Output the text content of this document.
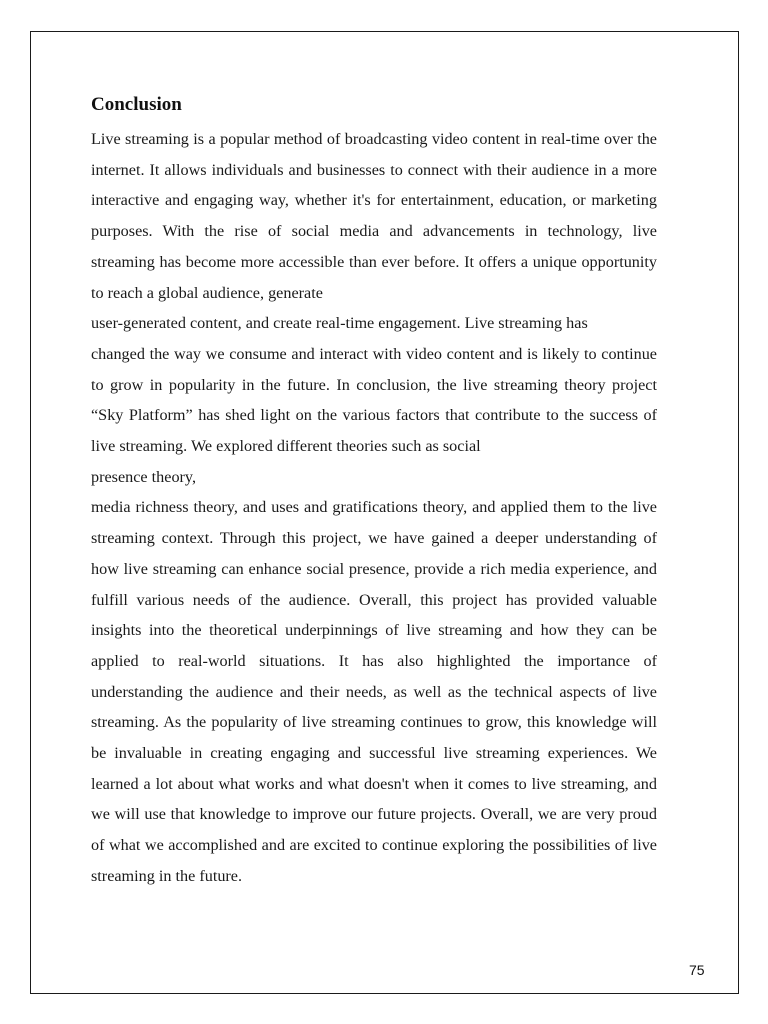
Conclusion

Live streaming is a popular method of broadcasting video content in real-time over the internet. It allows individuals and businesses to connect with their audience in a more interactive and engaging way, whether it's for entertainment, education, or marketing purposes. With the rise of social media and advancements in technology, live streaming has become more accessible than ever before. It offers a unique opportunity to reach a global audience, generate

user-generated content, and create real-time engagement. Live streaming has

changed the way we consume and interact with video content and is likely to continue to grow in popularity in the future. In conclusion, the live streaming theory project “Sky Platform” has shed light on the various factors that contribute to the success of live streaming. We explored different theories such as social

presence theory,

media richness theory, and uses and gratifications theory, and applied them to the live streaming context. Through this project, we have gained a deeper understanding of how live streaming can enhance social presence, provide a rich media experience, and fulfill various needs of the audience. Overall, this project has provided valuable insights into the theoretical underpinnings of live streaming and how they can be applied to real-world situations. It has also highlighted the importance of understanding the audience and their needs, as well as the technical aspects of live streaming. As the popularity of live streaming continues to grow, this knowledge will be invaluable in creating engaging and successful live streaming experiences. We learned a lot about what works and what doesn't when it comes to live streaming, and we will use that knowledge to improve our future projects. Overall, we are very proud of what we accomplished and are excited to continue exploring the possibilities of live streaming in the future.

75
